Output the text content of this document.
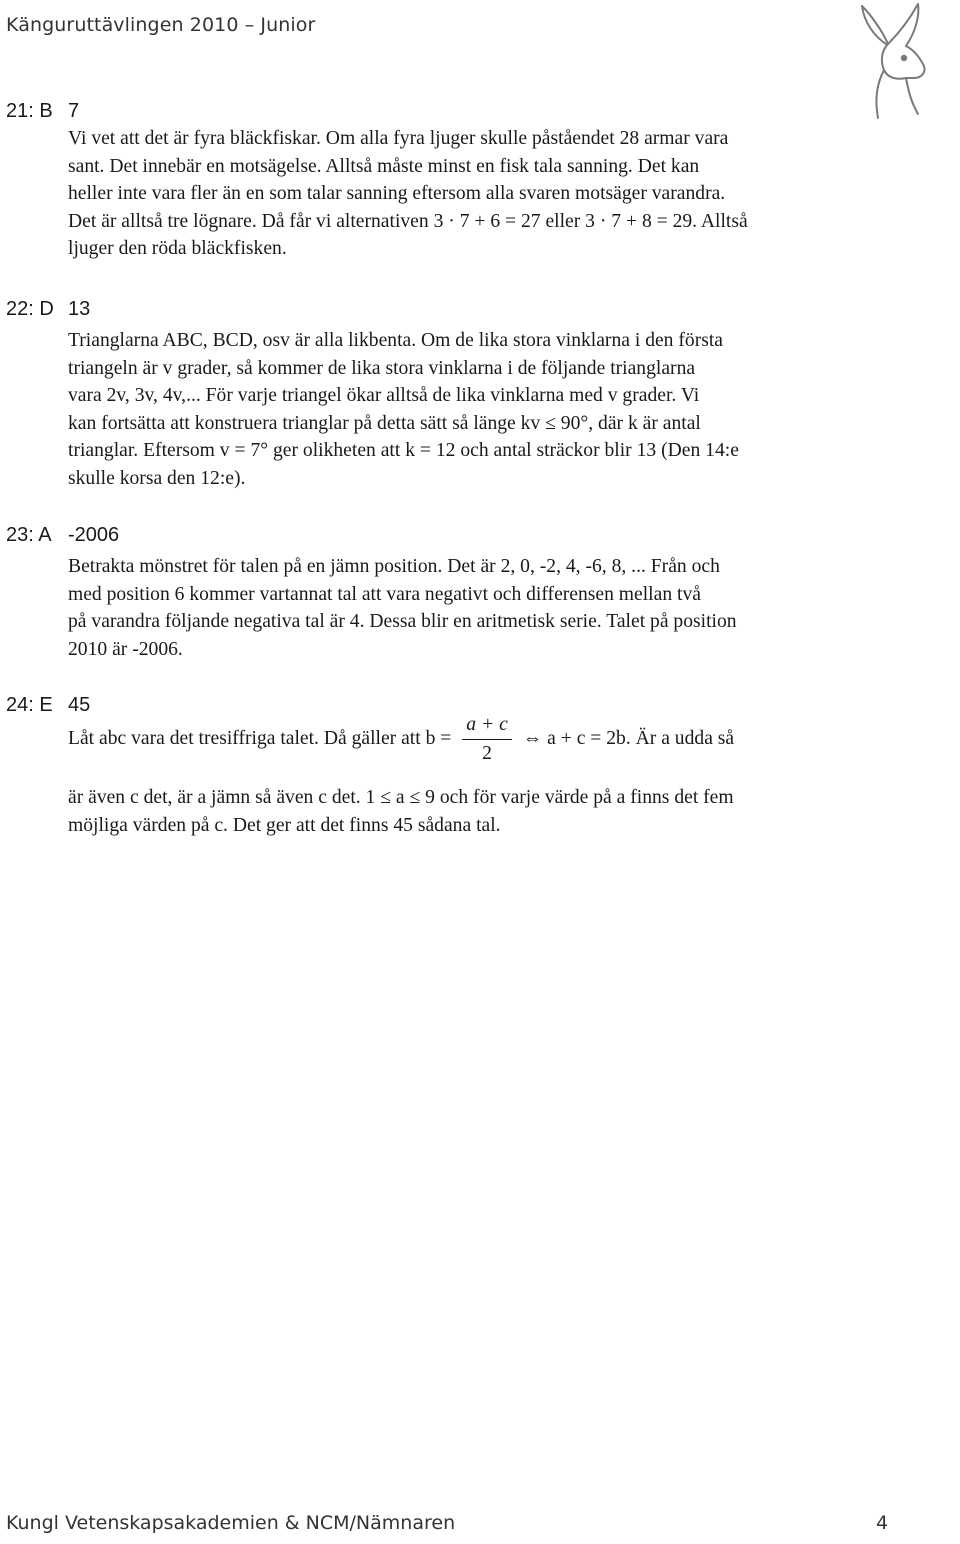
Känguruttävlingen 2010 – Junior
21: B 7
Vi vet att det är fyra bläckfiskar. Om alla fyra ljuger skulle påståendet 28 armar vara
sant. Det innebär en motsägelse. Alltså måste minst en fisk tala sanning. Det kan
heller inte vara fler än en som talar sanning eftersom alla svaren motsäger varandra.
Det är alltså tre lögnare. Då får vi alternativen 3 · 7 + 6 = 27 eller 3 · 7 + 8 = 29. Alltså
ljuger den röda bläckfisken.
22: D 13
Trianglarna ABC, BCD, osv är alla likbenta. Om de lika stora vinklarna i den första
triangeln är v grader, så kommer de lika stora vinklarna i de följande trianglarna
vara 2v, 3v, 4v,... För varje triangel ökar alltså de lika vinklarna med v grader. Vi
kan fortsätta att konstruera trianglar på detta sätt så länge kv ≤ 90°, där k är antal
trianglar. Eftersom v = 7° ger olikheten att k = 12 och antal sträckor blir 13 (Den 14:e
skulle korsa den 12:e).
23: A -2006
Betrakta mönstret för talen på en jämn position. Det är 2, 0, -2, 4, -6, 8, ... Från och
med position 6 kommer vartannat tal att vara negativt och differensen mellan två
på varandra följande negativa tal är 4. Dessa blir en aritmetisk serie. Talet på position
2010 är -2006.
24: E 45
Låt abc vara det tresiffriga talet. Då gäller att $b = \frac{a + c}{2}$ ⇔ a + c = 2b. Är a udda så
är även c det, är a jämn så även c det. 1 ≤ a ≤ 9 och för varje värde på a finns det fem
möjliga värden på c. Det ger att det finns 45 sådana tal.
Kungl Vetenskapsakademien & NCM/Nämnaren	4
